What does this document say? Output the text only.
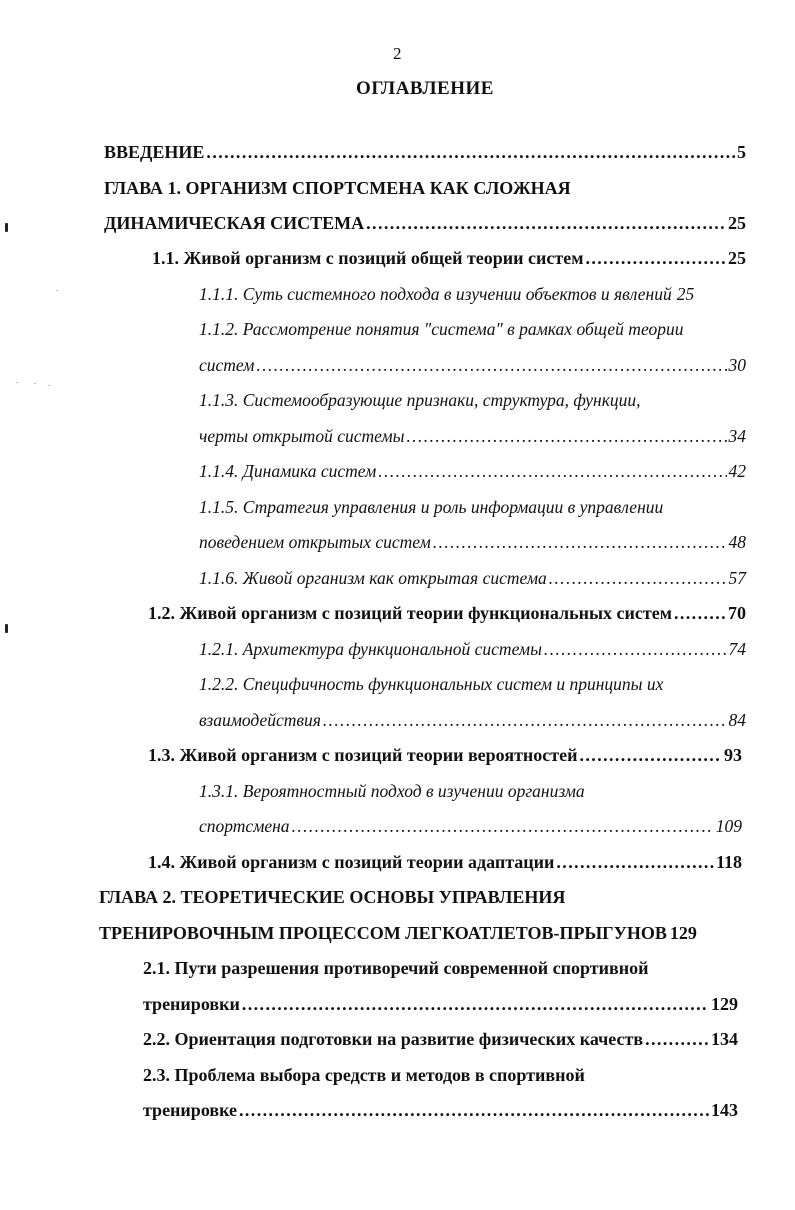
2
ОГЛАВЛЕНИЕ
ВВЕДЕНИЕ .....	5
ГЛАВА 1. ОРГАНИЗМ СПОРТСМЕНА КАК СЛОЖНАЯ
ДИНАМИЧЕСКАЯ СИСТЕМА .....	25
1.1. Живой организм с позиций общей теории систем .....	25
1.1.1. Суть системного подхода в изучении объектов и явлений 25
1.1.2. Рассмотрение понятия "система" в рамках общей теории
систем .....	30
1.1.3. Системообразующие признаки, структура, функции,
черты открытой системы .....	34
1.1.4. Динамика систем .....	42
1.1.5. Стратегия управления и роль информации в управлении
поведением открытых систем .....	48
1.1.6. Живой организм как открытая система .....	57
1.2. Живой организм с позиций теории функциональных систем .....	70
1.2.1. Архитектура функциональной системы .....	74
1.2.2. Специфичность функциональных систем и принципы их
взаимодействия .....	84
1.3. Живой организм с позиций теории вероятностей .....	93
1.3.1. Вероятностный подход в изучении организма
спортсмена .....	109
1.4. Живой организм с позиций теории адаптации .....	118
ГЛАВА 2. ТЕОРЕТИЧЕСКИЕ ОСНОВЫ УПРАВЛЕНИЯ
ТРЕНИРОВОЧНЫМ ПРОЦЕССОМ ЛЕГКОАТЛЕТОВ-ПРЫГУНОВ 129
2.1. Пути разрешения противоречий современной спортивной
тренировки .....	129
2.2. Ориентация подготовки на развитие физических качеств .....	134
2.3. Проблема выбора средств и методов в спортивной
тренировке .....	143
